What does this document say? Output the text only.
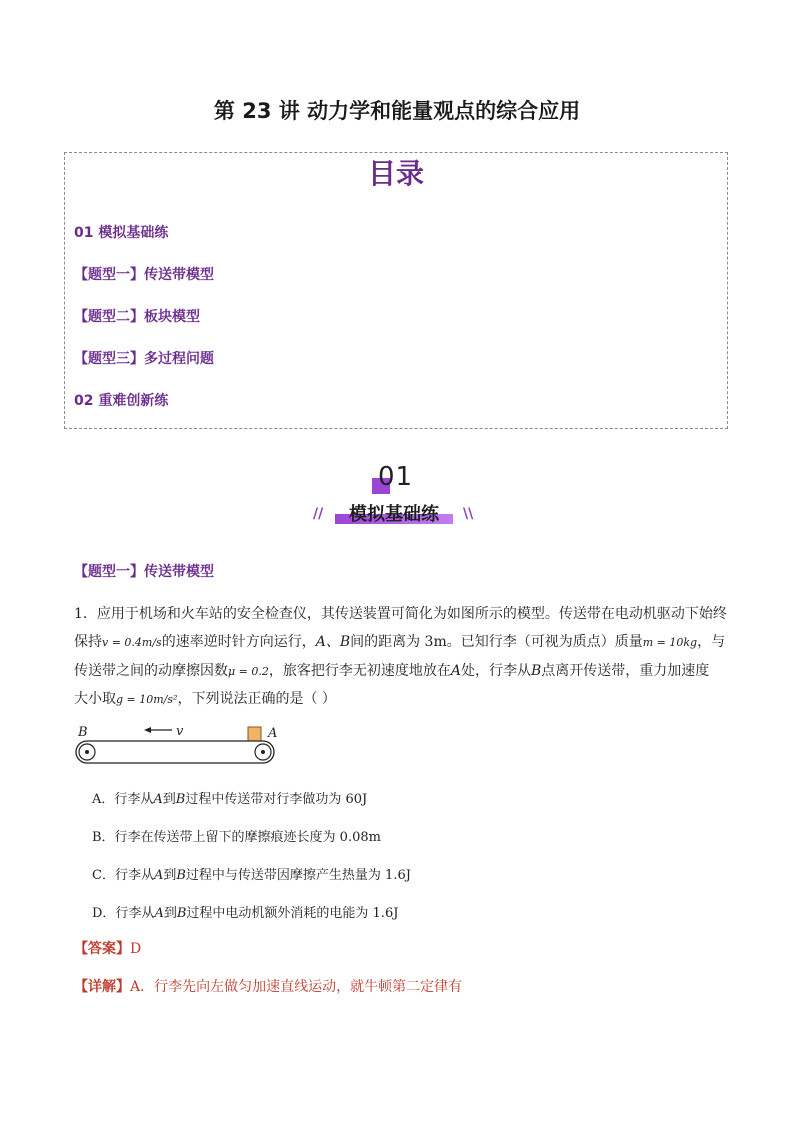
第 23 讲 动力学和能量观点的综合应用
目录
01 模拟基础练
【题型一】传送带模型
【题型二】板块模型
【题型三】多过程问题
02 重难创新练
01
//	模拟基础练	\\
【题型一】传送带模型
1．应用于机场和火车站的安全检查仪，其传送装置可简化为如图所示的模型。传送带在电动机驱动下始终
保持v = 0.4m/s的速率逆时针方向运行，A、B间的距离为 3m。已知行李（可视为质点）质量m = 10kg，与
传送带之间的动摩擦因数μ = 0.2，旅客把行李无初速度地放在A处，行李从B点离开传送带，重力加速度
大小取g = 10m/s²，下列说法正确的是（ ）
B	A
v
A．行李从A到B过程中传送带对行李做功为 60J
B．行李在传送带上留下的摩擦痕迹长度为 0.08m
C．行李从A到B过程中与传送带因摩擦产生热量为 1.6J
D．行李从A到B过程中电动机额外消耗的电能为 1.6J
【答案】D
【详解】A．行李先向左做匀加速直线运动，就牛顿第二定律有
